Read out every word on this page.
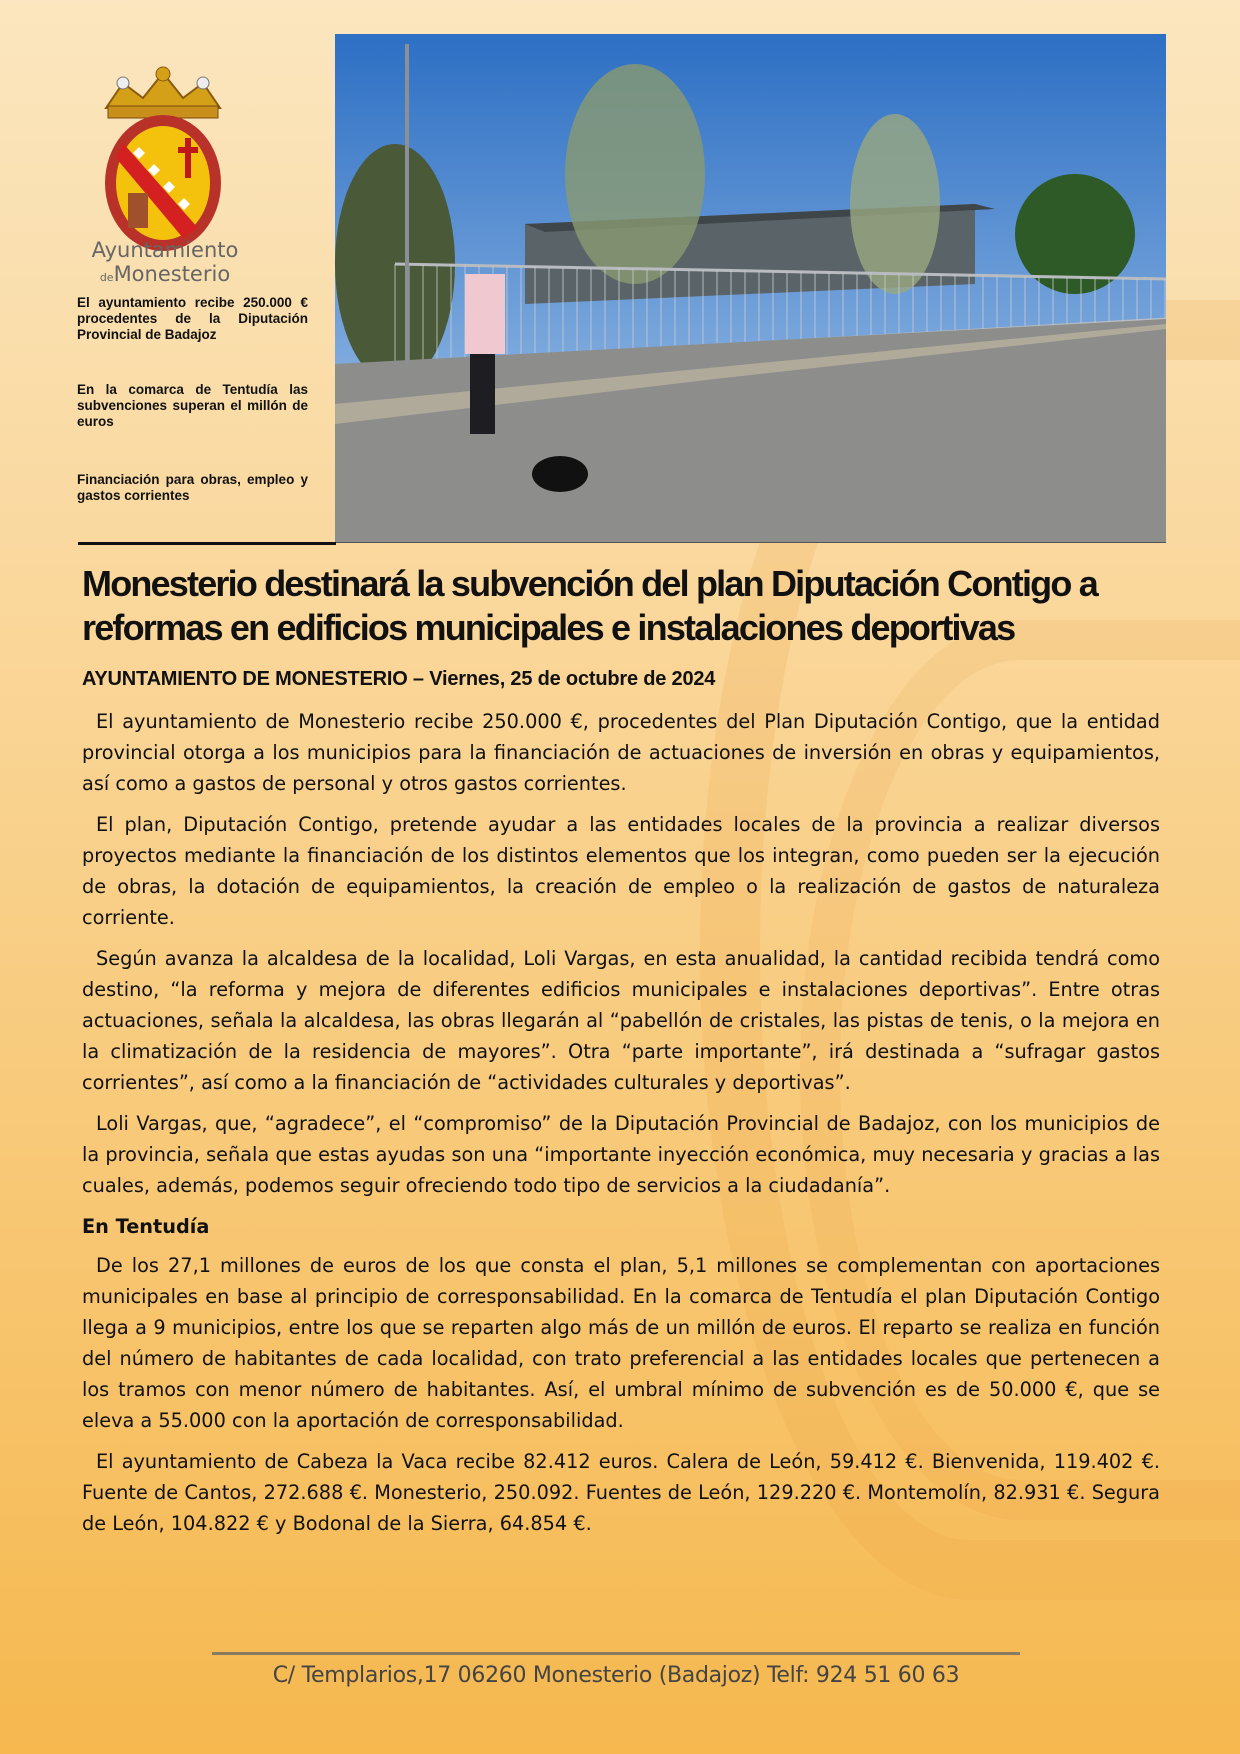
Ayuntamiento
deMonesterio
El ayuntamiento recibe 250.000 € procedentes de la Diputación Provincial de Badajoz
En la comarca de Tentudía las subvenciones superan el millón de euros
Financiación para obras, empleo y gastos corrientes
Monesterio destinará la subvención del plan Diputación Contigo a reformas en edificios municipales e instalaciones deportivas
AYUNTAMIENTO DE MONESTERIO – Viernes, 25 de octubre de 2024

El ayuntamiento de Monesterio recibe 250.000 €, procedentes del Plan Diputación Contigo, que la entidad provincial otorga a los municipios para la financiación de actuaciones de inversión en obras y equipamientos, así como a gastos de personal y otros gastos corrientes.

El plan, Diputación Contigo, pretende ayudar a las entidades locales de la provincia a realizar diversos proyectos mediante la financiación de los distintos elementos que los integran, como pueden ser la ejecución de obras, la dotación de equipamientos, la creación de empleo o la realización de gastos de naturaleza corriente.

Según avanza la alcaldesa de la localidad, Loli Vargas, en esta anualidad, la cantidad recibida tendrá como destino, “la reforma y mejora de diferentes edificios municipales e instalaciones deportivas”. Entre otras actuaciones, señala la alcaldesa, las obras llegarán al “pabellón de cristales, las pistas de tenis, o la mejora en la climatización de la residencia de mayores”. Otra “parte importante”, irá destinada a “sufragar gastos corrientes”, así como a la financiación de “actividades culturales y deportivas”.

Loli Vargas, que, “agradece”, el “compromiso” de la Diputación Provincial de Badajoz, con los municipios de la provincia, señala que estas ayudas son una “importante inyección económica, muy necesaria y gracias a las cuales, además, podemos seguir ofreciendo todo tipo de servicios a la ciudadanía”.

En Tentudía

De los 27,1 millones de euros de los que consta el plan, 5,1 millones se complementan con aportaciones municipales en base al principio de corresponsabilidad. En la comarca de Tentudía el plan Diputación Contigo llega a 9 municipios, entre los que se reparten algo más de un millón de euros. El reparto se realiza en función del número de habitantes de cada localidad, con trato preferencial a las entidades locales que pertenecen a los tramos con menor número de habitantes. Así, el umbral mínimo de subvención es de 50.000 €, que se eleva a 55.000 con la aportación de corresponsabilidad.

El ayuntamiento de Cabeza la Vaca recibe 82.412 euros. Calera de León, 59.412 €. Bienvenida, 119.402 €. Fuente de Cantos, 272.688 €. Monesterio, 250.092. Fuentes de León, 129.220 €. Montemolín, 82.931 €. Segura de León, 104.822 € y Bodonal de la Sierra, 64.854 €.

C/ Templarios,17 06260 Monesterio (Badajoz) Telf: 924 51 60 63
